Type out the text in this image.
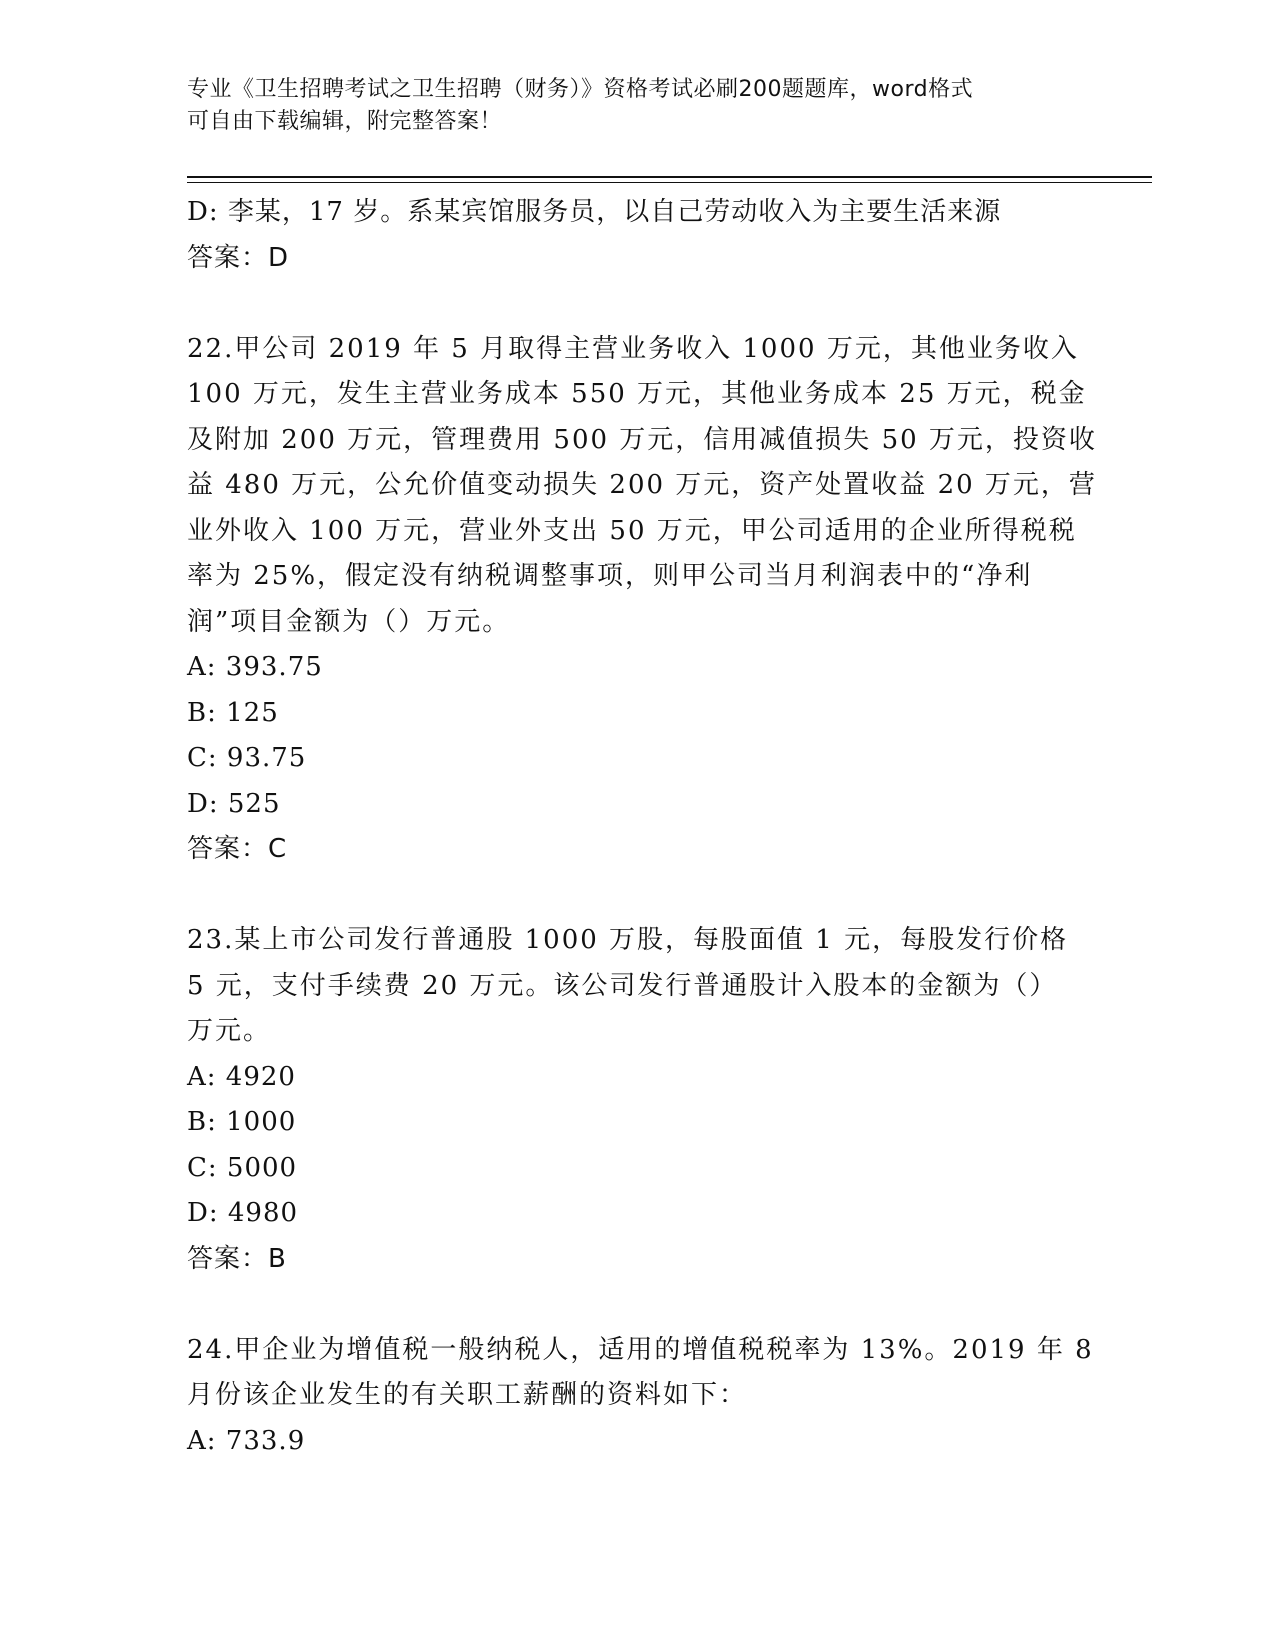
专业《卫生招聘考试之卫生招聘（财务）》资格考试必刷200题题库，word格式
可自由下载编辑，附完整答案！
D: 李某，17 岁。系某宾馆服务员，以自己劳动收入为主要生活来源
答案：D
22.甲公司 2019 年 5 月取得主营业务收入 1000 万元，其他业务收入
100 万元，发生主营业务成本 550 万元，其他业务成本 25 万元，税金
及附加 200 万元，管理费用 500 万元，信用减值损失 50 万元，投资收
益 480 万元，公允价值变动损失 200 万元，资产处置收益 20 万元，营
业外收入 100 万元，营业外支出 50 万元，甲公司适用的企业所得税税
率为 25%，假定没有纳税调整事项，则甲公司当月利润表中的“净利
润”项目金额为（）万元。
A: 393.75
B: 125
C: 93.75
D: 525
答案：C
23.某上市公司发行普通股 1000 万股，每股面值 1 元，每股发行价格
5 元，支付手续费 20 万元。该公司发行普通股计入股本的金额为（）
万元。
A: 4920
B: 1000
C: 5000
D: 4980
答案：B
24.甲企业为增值税一般纳税人，适用的增值税税率为 13%。2019 年 8
月份该企业发生的有关职工薪酬的资料如下：
A: 733.9
